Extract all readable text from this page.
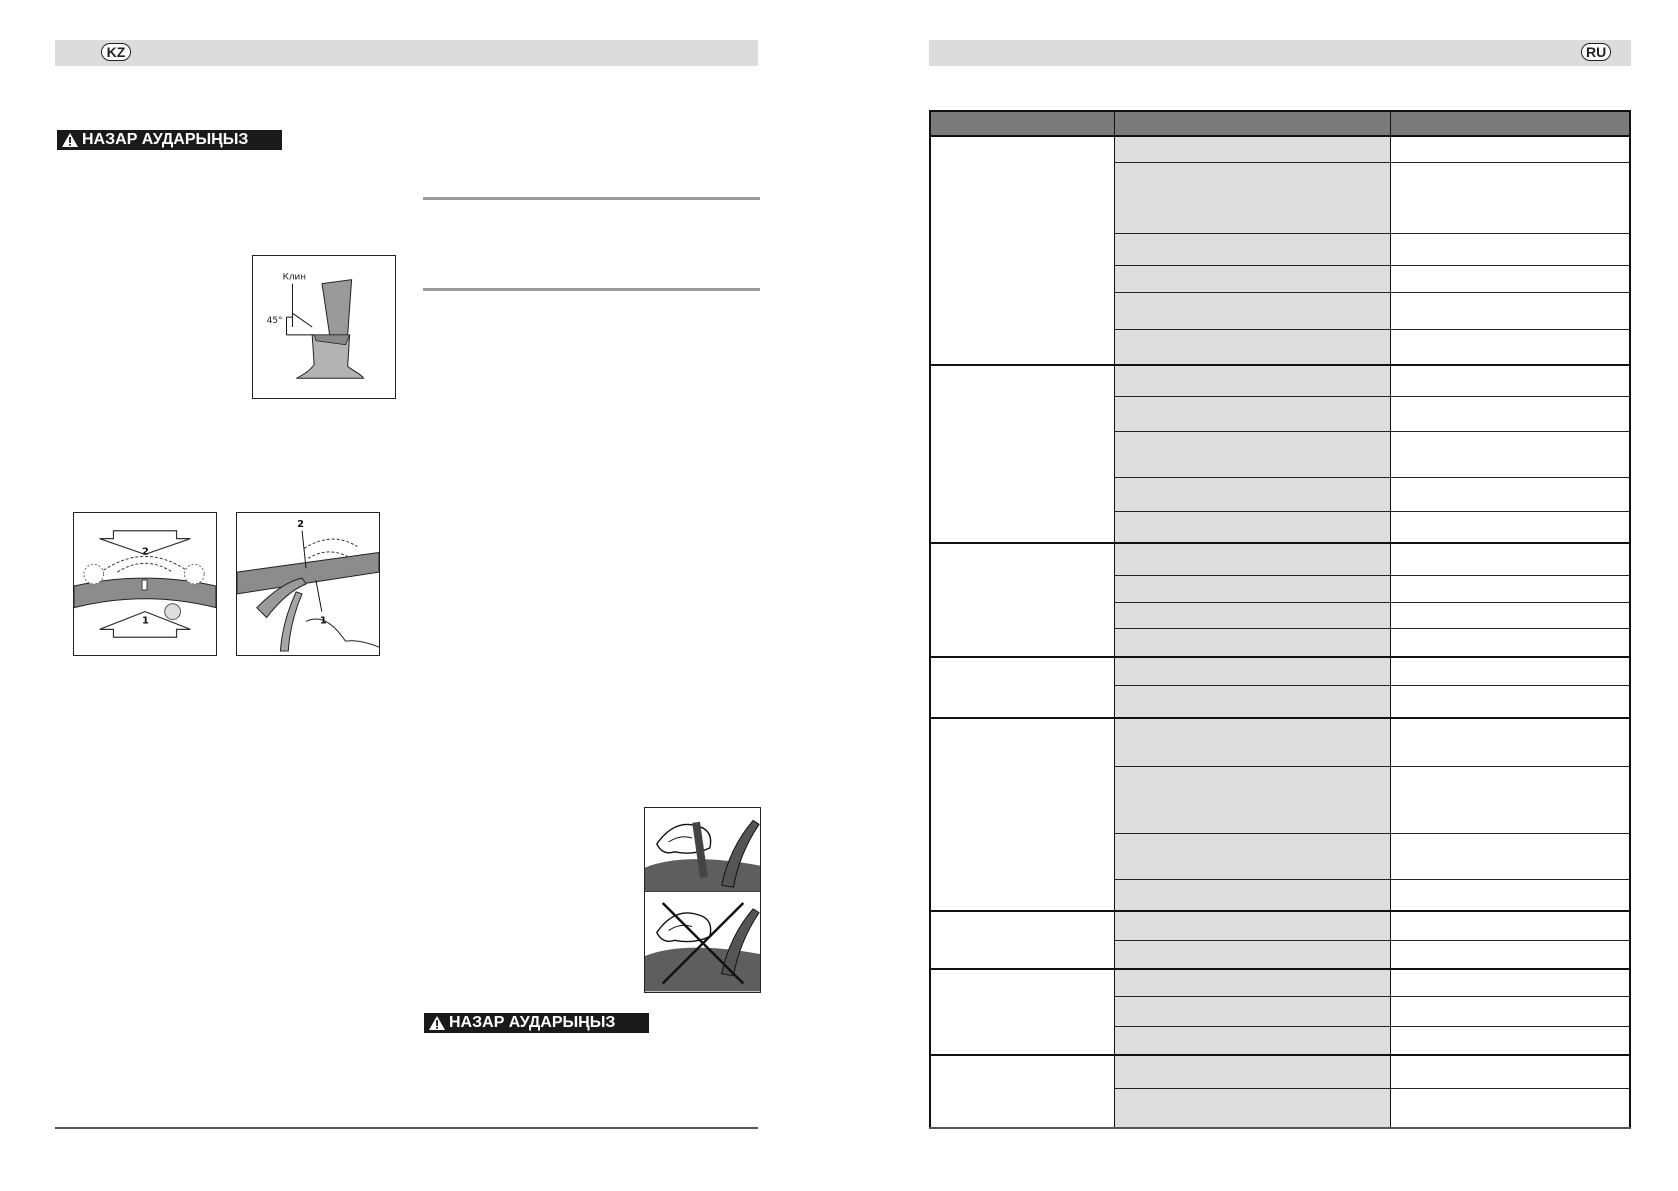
KZ
НАЗАР АУДАРЫҢЫЗ
Клин
45°
2
1
2
1
НАЗАР АУДАРЫҢЫЗ
RU
